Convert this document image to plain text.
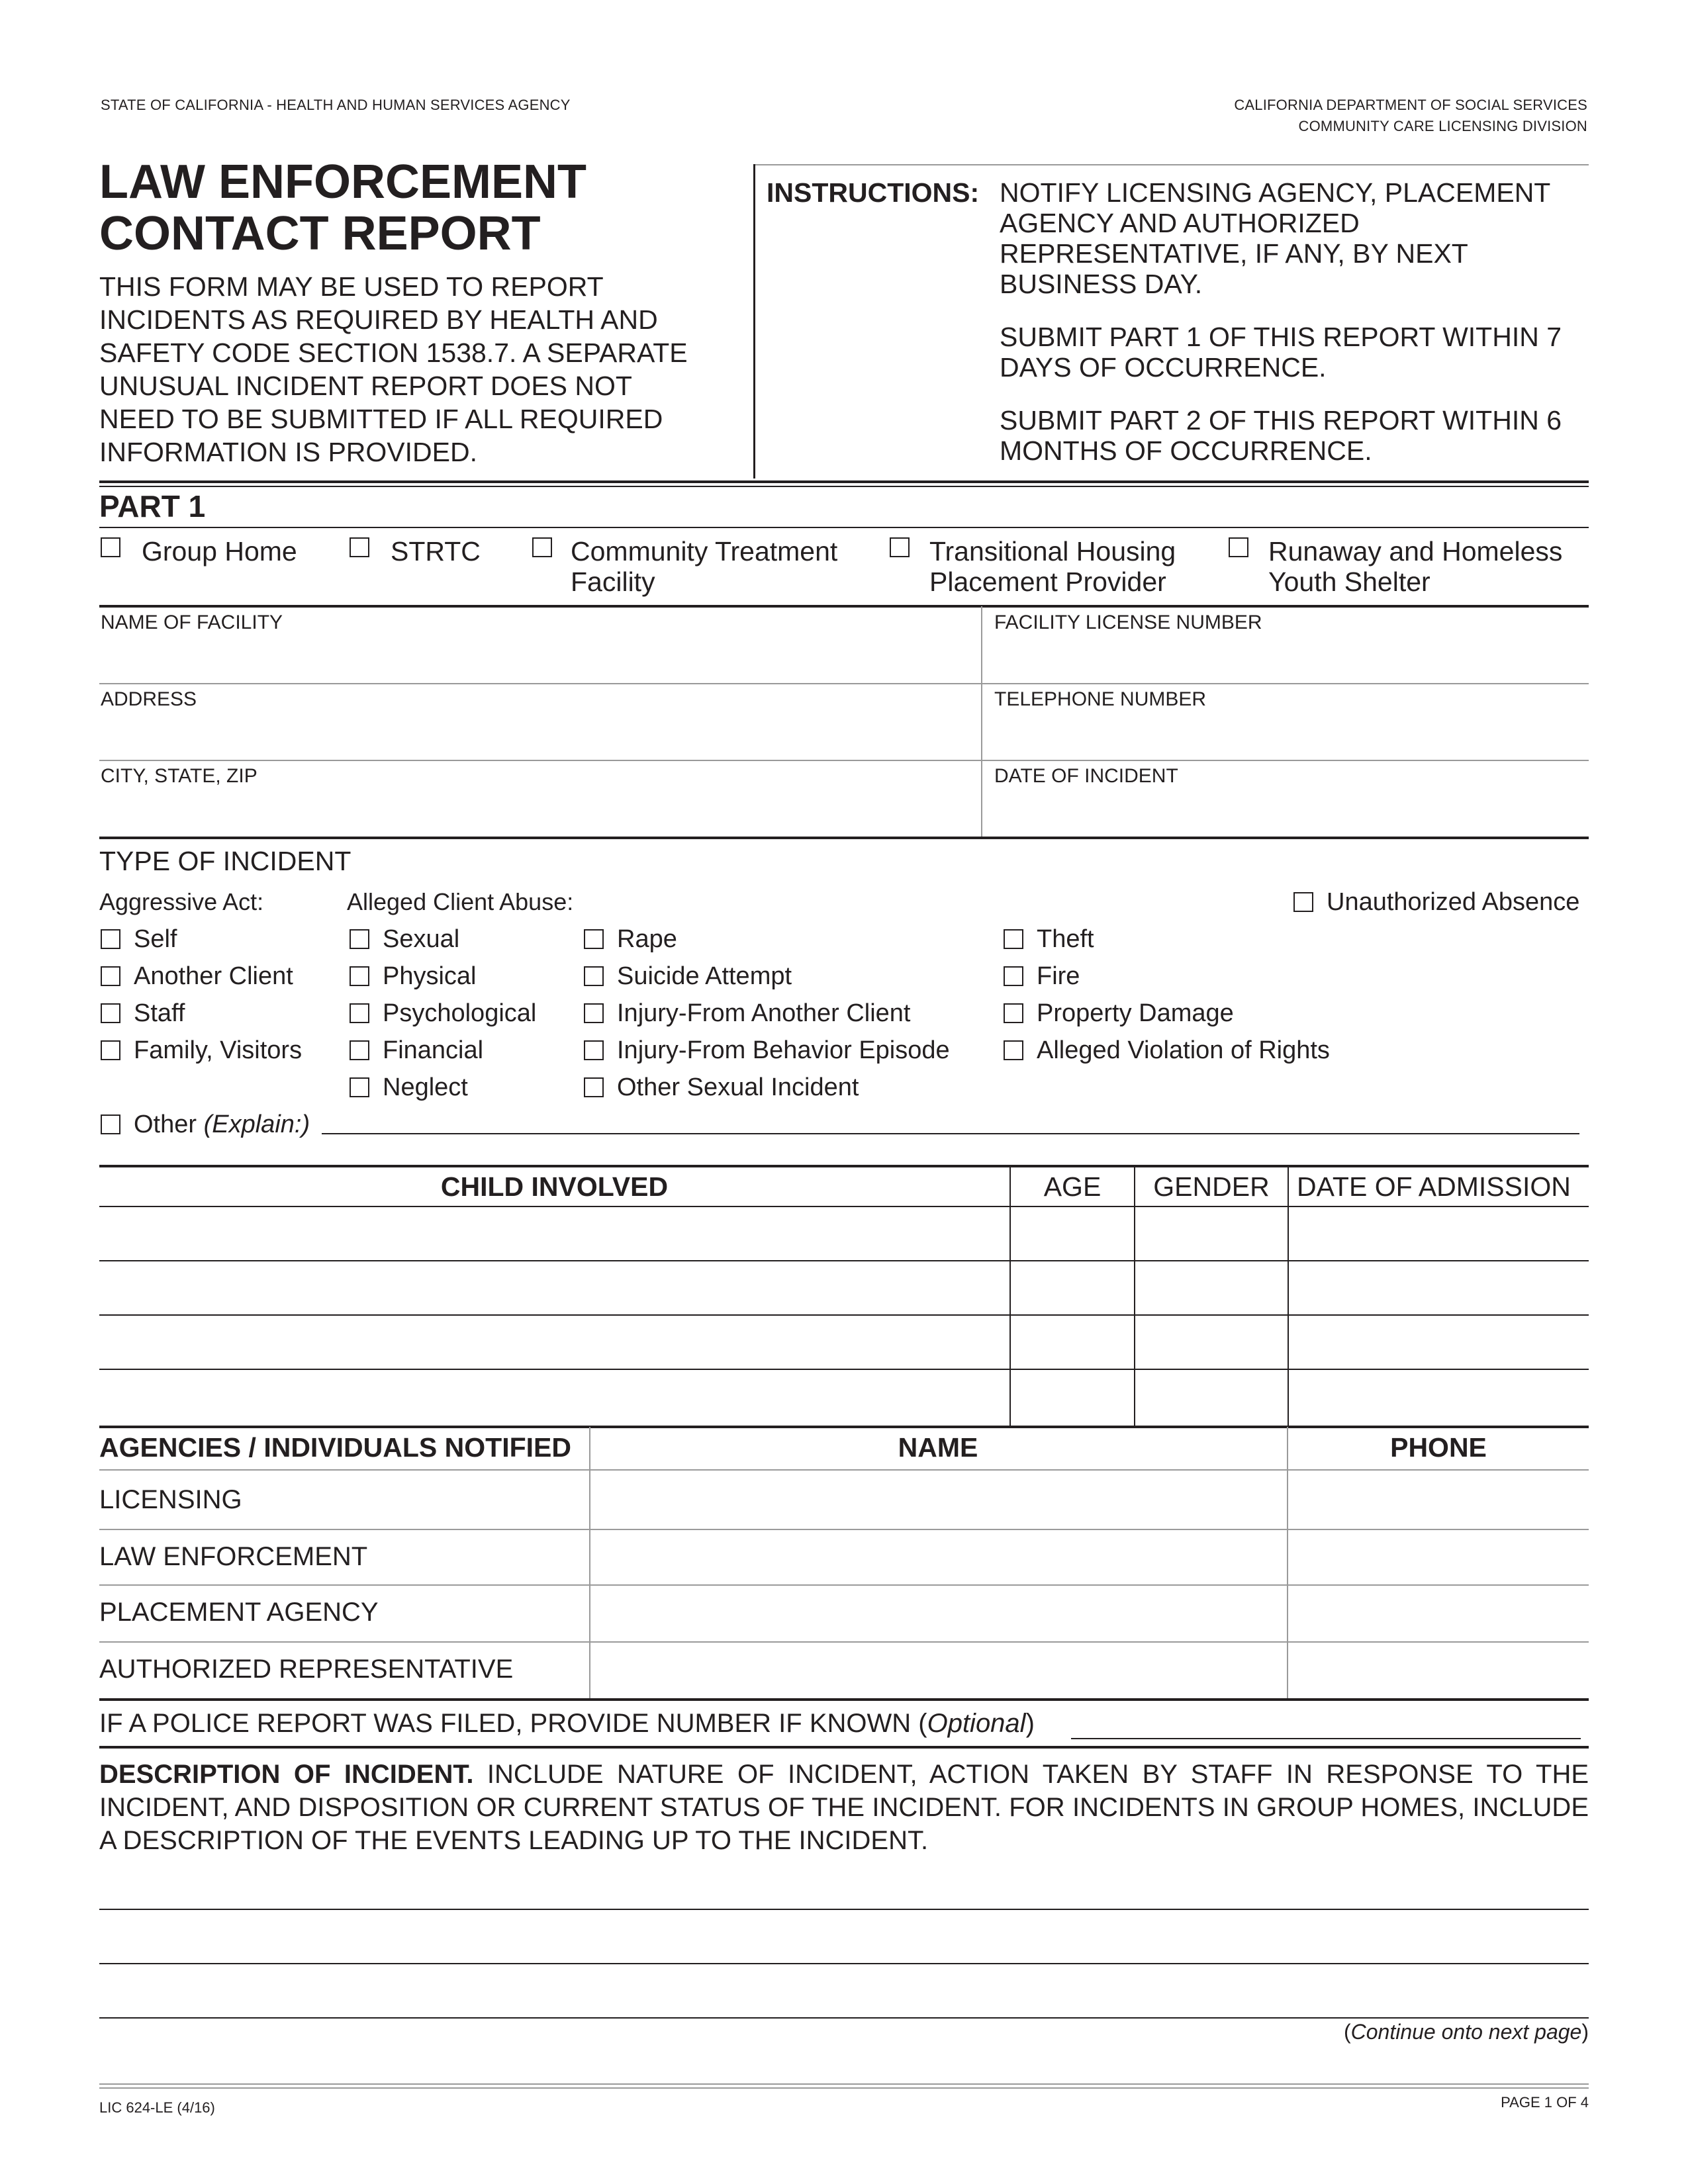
STATE OF CALIFORNIA - HEALTH AND HUMAN SERVICES AGENCY	CALIFORNIA DEPARTMENT OF SOCIAL SERVICES
COMMUNITY CARE LICENSING DIVISION
LAW ENFORCEMENT
CONTACT REPORT
THIS FORM MAY BE USED TO REPORT
INCIDENTS AS REQUIRED BY HEALTH AND
SAFETY CODE SECTION 1538.7. A SEPARATE
UNUSUAL INCIDENT REPORT DOES NOT
NEED TO BE SUBMITTED IF ALL REQUIRED
INFORMATION IS PROVIDED.
INSTRUCTIONS: NOTIFY LICENSING AGENCY, PLACEMENT
AGENCY AND AUTHORIZED
REPRESENTATIVE, IF ANY, BY NEXT
BUSINESS DAY.
SUBMIT PART 1 OF THIS REPORT WITHIN 7
DAYS OF OCCURRENCE.
SUBMIT PART 2 OF THIS REPORT WITHIN 6
MONTHS OF OCCURRENCE.
PART 1
Group Home	STRTC	Community Treatment
Facility
Transitional Housing
Placement Provider
Runaway and Homeless
Youth Shelter
NAME OF FACILITY	FACILITY LICENSE NUMBER
ADDRESS	TELEPHONE NUMBER
CITY, STATE, ZIP	DATE OF INCIDENT
TYPE OF INCIDENT
Aggressive Act:	Alleged Client Abuse:	Unauthorized Absence
Self
Another Client
Staff
Family, Visitors
Sexual
Physical
Psychological
Financial
Neglect
Rape
Suicide Attempt
Injury-From Another Client
Injury-From Behavior Episode
Other Sexual Incident
Theft
Fire
Property Damage
Alleged Violation of Rights
Other (Explain:)
CHILD INVOLVED	AGE	GENDER	DATE OF ADMISSION
AGENCIES / INDIVIDUALS NOTIFIED	NAME	PHONE
LICENSING
LAW ENFORCEMENT
PLACEMENT AGENCY
AUTHORIZED REPRESENTATIVE
IF A POLICE REPORT WAS FILED, PROVIDE NUMBER IF KNOWN (Optional)
DESCRIPTION OF INCIDENT. INCLUDE NATURE OF INCIDENT, ACTION TAKEN BY STAFF IN RESPONSE TO THE INCIDENT, AND DISPOSITION OR CURRENT STATUS OF THE INCIDENT. FOR INCIDENTS IN GROUP HOMES, INCLUDE A DESCRIPTION OF THE EVENTS LEADING UP TO THE INCIDENT.
(Continue onto next page)
LIC 624-LE (4/16)	PAGE 1 OF 4
